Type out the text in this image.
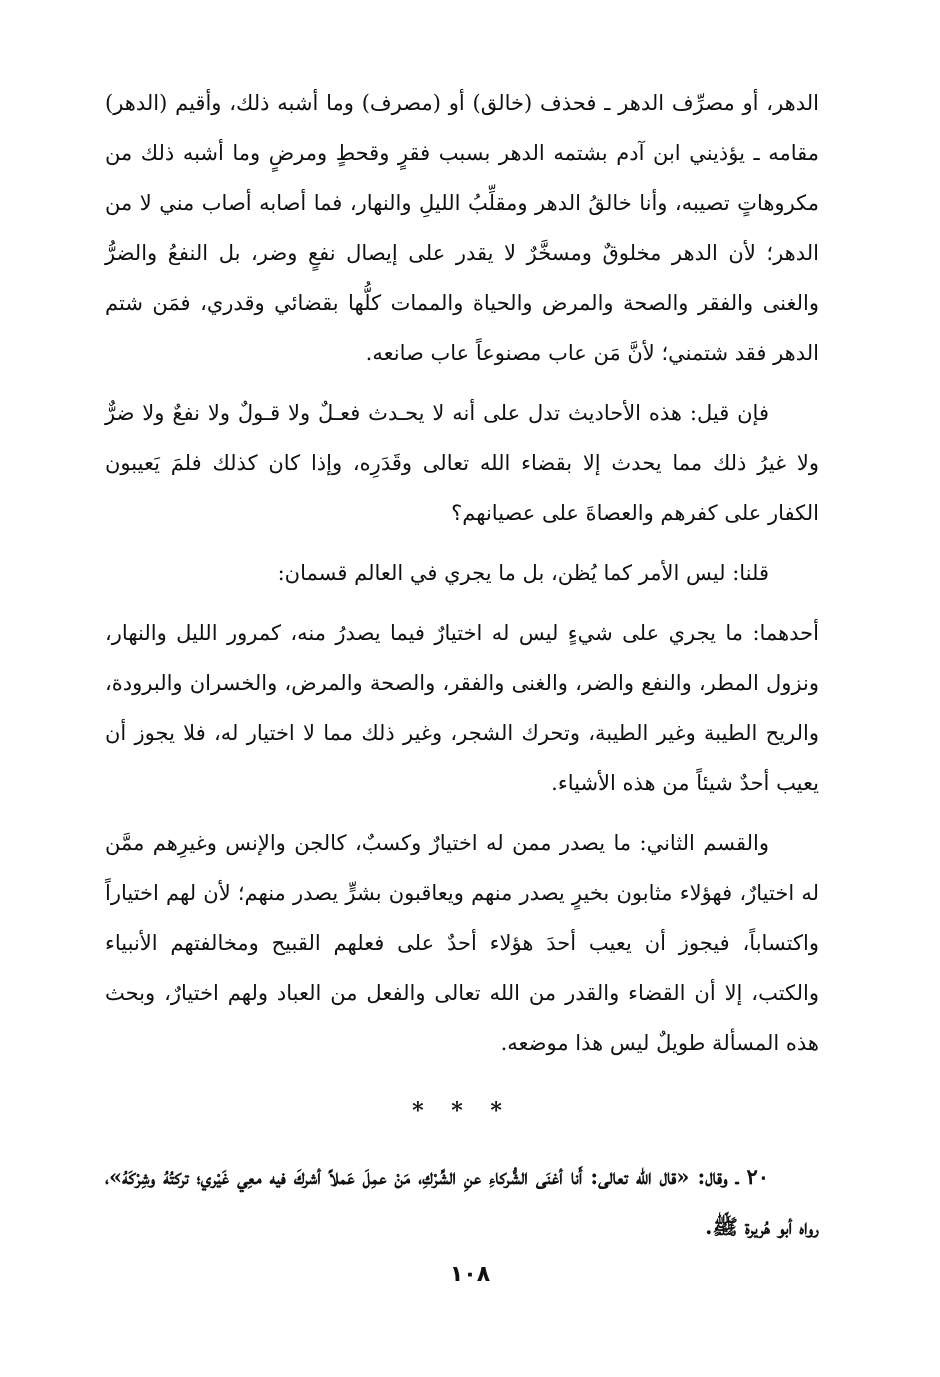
الدهر، أو مصرِّف الدهر ـ فحذف (خالق) أو (مصرف) وما أشبه ذلك، وأقيم (الدهر) مقامه ـ يؤذيني ابن آدم بشتمه الدهر بسبب فقرٍ وقحطٍ ومرضٍ وما أشبه ذلك من مكروهاتٍ تصيبه، وأنا خالقُ الدهر ومقلِّبُ الليلِ والنهار، فما أصابه أصاب مني لا من الدهر؛ لأن الدهر مخلوقٌ ومسخَّرٌ لا يقدر على إيصال نفعٍ وضر، بل النفعُ والضرُّ والغنى والفقر والصحة والمرض والحياة والممات كلُّها بقضائي وقدري، فمَن شتم الدهر فقد شتمني؛ لأنَّ مَن عاب مصنوعاً عاب صانعه.

فإن قيل: هذه الأحاديث تدل على أنه لا يحـدث فعـلٌ ولا قـولٌ ولا نفعٌ ولا ضرٌّ ولا غيرُ ذلك مما يحدث إلا بقضاء الله تعالى وقَدَرِه، وإذا كان كذلك فلمَ يَعيبون الكفار على كفرهم والعصاةَ على عصيانهم؟

قلنا: ليس الأمر كما يُظن، بل ما يجري في العالم قسمان:

أحدهما: ما يجري على شيءٍ ليس له اختيارٌ فيما يصدرُ منه، كمرور الليل والنهار، ونزول المطر، والنفع والضر، والغنى والفقر، والصحة والمرض، والخسران والبرودة، والريح الطيبة وغير الطيبة، وتحرك الشجر، وغير ذلك مما لا اختيار له، فلا يجوز أن يعيب أحدٌ شيئاً من هذه الأشياء.

والقسم الثاني: ما يصدر ممن له اختيارٌ وكسبٌ، كالجن والإنس وغيرِهم ممَّن له اختيارٌ، فهؤلاء مثابون بخيرٍ يصدر منهم ويعاقبون بشرٍّ يصدر منهم؛ لأن لهم اختياراً واكتساباً، فيجوز أن يعيب أحدَ هؤلاء أحدٌ على فعلهم القبيح ومخالفتهم الأنبياء والكتب، إلا أن القضاء والقدر من الله تعالى والفعل من العباد ولهم اختيارٌ، وبحث هذه المسألة طويلٌ ليس هذا موضعه.

* * *

٢٠ ـ وقال: «قال الله تعالى: أَنا أغنَى الشُّركاءِ عنِ الشِّرْكِ، مَنْ عمِلَ عَملاً أشركَ فيه معِي غَيْري؛ تركتُهُ وشِرْكَهُ»، رواه أبو هُريرة ﷺ.

١٠٨
